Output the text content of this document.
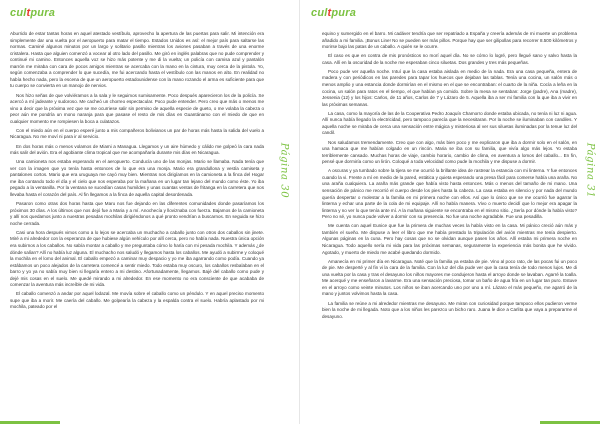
cultpura

Aburrido de estar tantas horas en aquel atestado vestíbulo, aprovecho la apertura de las puertas para salir. Mi intención era simplemente dar una vuelta por el aeropuerto para matar el tiempo. Estados Unidos es así: el mejor país para saltarse las normas. Caminé algunos minutos por un largo y solitario pasillo mientras los aviones pasaban a través de una enorme cristalera. Hasta que alguien comenzó a vocear al otro lado del pasillo. Me giró en inglés palabras que no pude comprender y continué mi camino. Entonces aquella voz se hizo más potente y me di la vuelta; un policía con camisa azul y pantalón marrón me miraba con cara de pocos amigos mientras se acercaba con la mano en la cintura, muy cerca de la pistola. Yo, según comenzaba a comprender lo que sucedía, me fui acercando hasta el vestíbulo con las manos en alto. En realidad no había hecho nada, pero la escena de que un aeropuerto estadounidense con la mano rozando el arma es suficiente para que tu cuerpo se convierta en un manojo de nervios.

Nos hizo señas de que volviéramos a la sala y le seguimos sumisamente. Poco después aparecieron los de la policía. Se acercó a mí jadeante y sudoroso. Me cacheó un chorreo espectacular. Poco pude entender. Pero creo que más o menos me vino a decir que la próxima vez que se me ocurriese salir sin permiso de aquella especie de gueto, o me volaba la cabeza o peor aún me pondría un mono naranja para que pasase el resto de mis días en Guantánamo con el miedo de que en cualquier momento me rompiesen la boca a culatazos.

Con el miedo aún en el cuerpo esperé junto a mis compañeros bolivianos un par de horas más hasta la salida del vuelo a Nicaragua. No me moví ni para ir al servicio.

En dos horas más o menos volamos de Miami a Managua. Llegamos y un aire húmedo y cálido me golpeó la cara nada más salir del avión. Era el agobiante clima tropical que me acompañaría durante mis días en Nicaragua.

Una camioneta nos estaba esperando en el aeropuerto. Conducía uno de las monjas. Mario se llamaba. Nada tenía que ver con la imagen que yo tenía hasta entonces de lo que era una monja. Mario era grandullona y vestía camiseta y pantalones cortos. Mario que era uruguaya me cayó muy bien. Mientras nos dirigíamos en la camioneta a la finca del Hogar me iba contando todo el día y el cielo que nos esperaba por la mañana en un lugar tan lejano del mundo como éste. Yo iba pegado a la ventanilla. Por la ventana se sucedían casas humildes y unas cuantas ventas de fritanga en la carretera que nos llevaba hasta el corazón del país. Al fin llegamos a la finca de aquella capital desordenada.

Pasaron como otras dos horas hasta que Maru nos fue dejando en las diferentes comunidades donde pasaríamos los próximos 30 días. A los últimos que nos dejó fue a Maria y a mí. Anochecía y lloviznaba con fuerza. Bajamos de la camioneta y allí nos quedamos junto a nuestras pesadas mochilas dirigiéndonos a qué pronto vendrían a buscarnos. En seguida se hizo noche cerrada.

Casi una hora después vimos como a lo lejos se acercaba un muchacho a caballo junto con otros dos caballos sin jinete. Miré a mi alrededor con la esperanza de que hubiese algún vehículo por allí cerca, pero no había nada. Nuestra única opción era subirnos a los caballos. No sabía montar a caballo y me preguntaba cómo lo haría con mi pesada mochila. Y además ¿de dónde salían? Allí no había luz alguna. El muchacho nos saludó y llegamos hasta los caballos. Me ayudó a subirme y coloqué la mochila en el lomo del animal. El caballo empezó a caminar muy despacio y yo me iba agarrando como podía. Cuando ya estábamos un poco alejados de la carretera comencé a sentir miedo. Todo estaba muy oscuro, los caballos resbalaban en el barro y yo ya no sabía muy bien si llegaría entero a mi destino. Afortunadamente, llegamos. Bajé del caballo como pude y dejé mis cosas en el suelo. Me quedé mirando a mi alrededor. En ese momento no era consciente de que acababa de comenzar la aventura más increíble de mi vida.

El caballo comenzó a andar por aquel lodazal. Me movía sobre el caballo como un péndulo. Y en aquel preciso momento supe que iba a morir. Me caería del caballo. Me golpearía la cabeza y la espalda contra el suelo. Habría aplastado por mi mochila, pateado por el

Página 30
cultpura

equino y sumergido en el barro. Mi cadáver tendría que ser repatriado a España y creería además de mi muerte un problema añadido a mi familia. ¡Bonus Line! No se pueden ser más pillos. Porque hay que ser gilipollas para recorrer 8.500 kilómetros y morirse bajo las patas de un caballo. A quién se le ocurre.

El caso es que en contra de mis pronósticos no morí aquel día. No se cómo lo logré, pero llegué sano y salvo hasta la casa. Allí en la oscuridad de la noche me esperaban cinco siluetas. Dos grandes y tres más pequeñas.

Poco pude ver aquella noche. Intuí que la casa estaba aislada en medio de la nada. Era una casa pequeña, entera de madera y con periódicos en las paredes para tapar los huecos que dejaban las tablas. Tenía una cocina, un salón más o menos amplio y una estancia donde dormirían en el mismo en el que se encontraban: el cuarto de la niña. Cocía a leña en la cocina, un salón para ratos en el tiempo, el que habían ya comido. Sobre la mesa se sentaban: Jorge (padre), Ana (madre), Jessenia (12) y los hijos: Carlos, de 11 años, Carlos de 7 y Lázaro de 5. Aquella iba a ser mi familia con la que iba a vivir en las próximas semanas.

La casa, como la mayoría de las de la Cooperativa Pedro Joaquín Chamorro donde estaba ubicada, no tenía ni luz ni agua. Allí nunca había llegado la electricidad, pero tampoco parecía que la necesitaran. Por la noche se iluminaban con candiles. Y aquella noche se miraba de cerca una sensación entre mágica y misteriosa al ver sus siluetas iluminadas por la tenue luz del candil.

Nos saludamos tremendamente. Creo que con algo, más bien poco y me explicaron que iba a dormir solo en el salón, en una hamaca que me habían colgado en un rincón. Maria se iba con su familia, que vivía algo más lejos. Yo estaba terriblemente cansado. Muchas horas de viaje, cambio horario, cambio de clima, en aventura a lomos del caballo... En fin, pensé que dormiría como un lirón. Coloqué a toda velocidad como pude la mochila y me dispuse a dormir.

A oscuras y ya tumbado sobre la tijera se me ocurrió la brillante idea de rastrear la estancia con mi linterna. Y fue entonces cuando la vi. Frente a mí en medio de la pared, estática y quieta esperando una presa fácil para comerse había una araña. No una araña cualquiera. La araña más grande que había visto hasta entonces. Más o menos del tamaño de mi mano. Una sensación de pánico me recorrió el cuerpo desde los pies hasta la cabeza. La casa estaba en silencio y por nada del mundo quería despertar o molestar a la familia en mi primera noche con ellos. Así que lo único que se me ocurrió fue agarrar la linterna y echar una parte de la cola de mi equipaje. Allí no había manera. Vivo o muerto decidí que lo mejor era apagar la linterna y no ver lo que tenía ante mí. A la mañana siguiente se encontraba en el mismo sitio. ¿Sería por dónde la había visto? Pero no sé, yo nunca pude volver a dormir con su presencia. No fue una noche agradable. Fue una pesadilla.

Me cuenta con aquel Eunice que fue la primera de muchas veces la había visto en la casa. Mi pánico creció aún más y también el sueño. Me dispuse a leer el libro que me había prestado la tripulación del avión mientras me tenía despierto. Algunas páginas en la cuna. Pero hay cosas que no se olvidan aunque pasen los años. Allí estaba mi primera noche en Nicaragua. Todo aquello sería mi vida para las próximas semanas, seguramente la experiencia más bonita que he vivido. Agotado, y muerto de miedo me acabé quedando dormido.

Amanecía en mi primer día en Nicaragua. Noté que la familia ya estaba de pie. Vino al poco rato, de las pocas fui un poco de pie. Me desperté y al fin vi la cara de la familia. Con la luz del día pude ver que la casa tenía de todo menos lujos. Me di una vuelta por la casa y tras el desayuno los niños mayores me condujeron hasta el arroyo donde se lavaban. Agarré la toalla. Me acerqué y me enseñaron a lavarme. Era una sensación preciosa, tomar un baño de agua fría en un lugar tan puro. Estuve en el arroyo como veinte minutos. Los niños se iban acercando uno por uno a mí. Lázaro el más pequeño, me agarró de la mano y juntos volvimos hasta la casa.

La familia se reúne a mi alrededor mientras me desayuno. Me miran con curiosidad porque tampoco ellos pudieron verme bien la noche de mi llegada. Noto que a los niños les parezco un bicho raro. Juana le dice a Carlita que vaya a prepararme el desayuno.

Página 31
